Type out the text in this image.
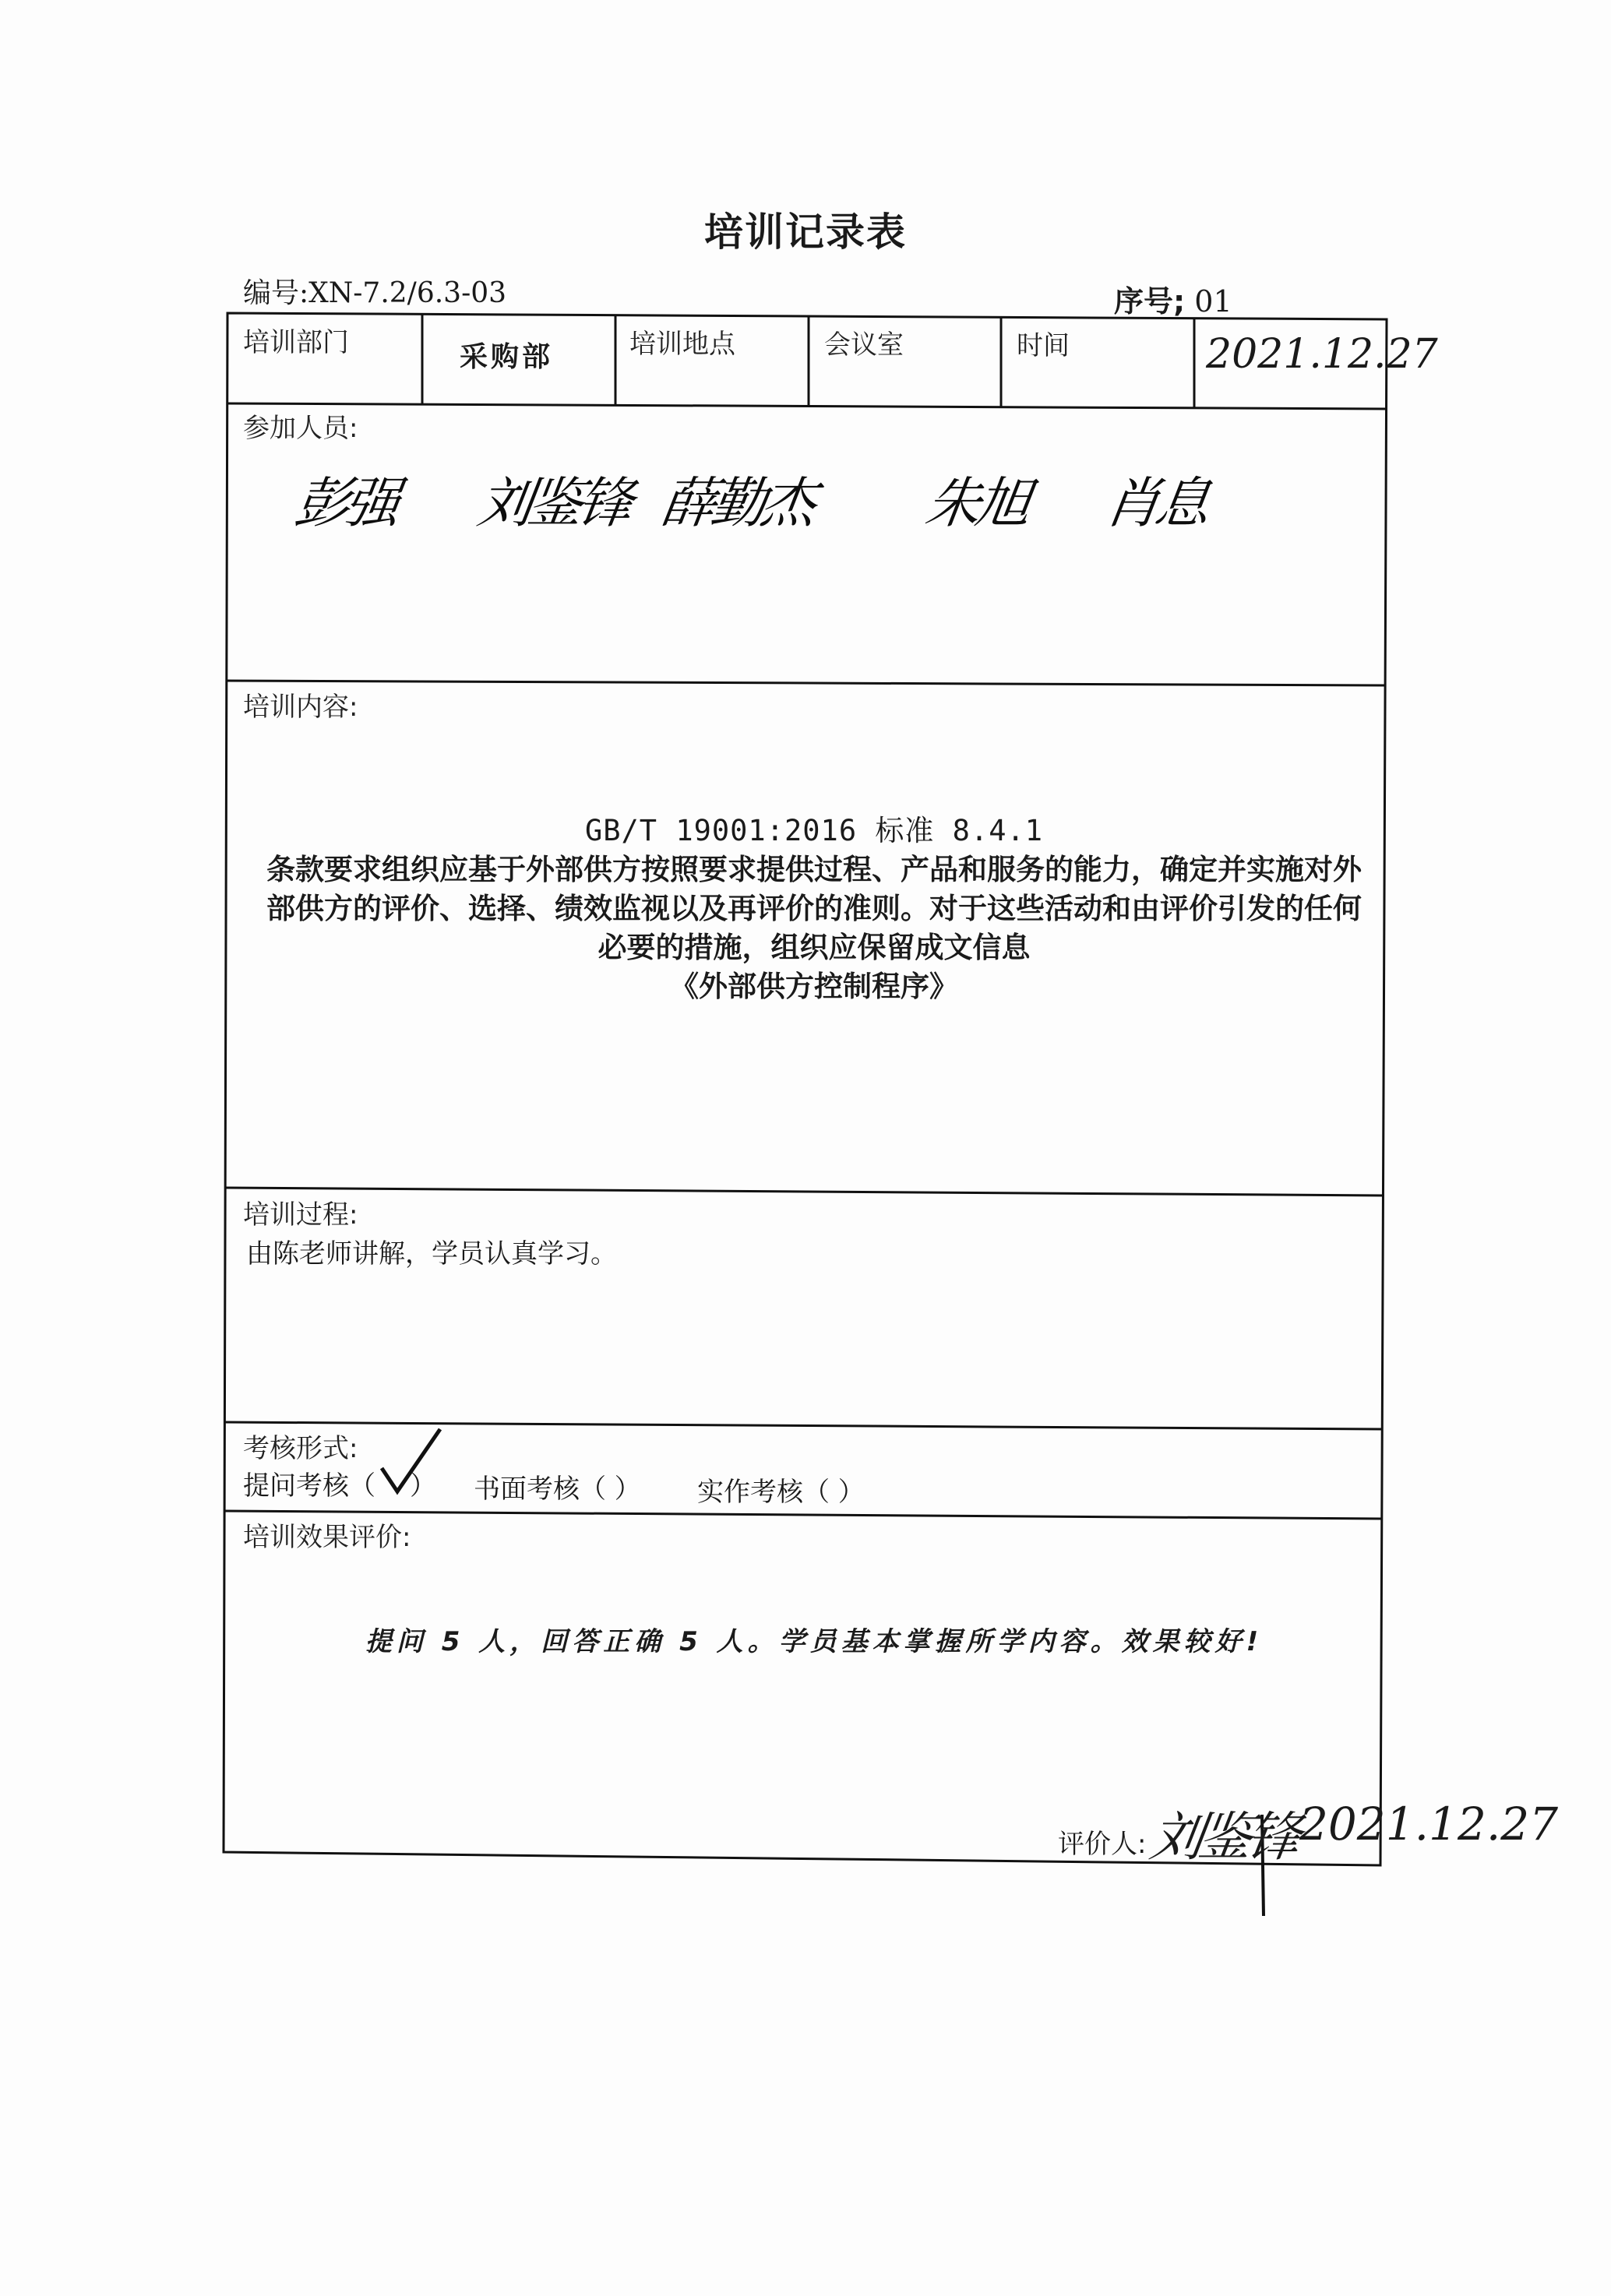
培训记录表
编号:XN-7.2/6.3-03	序号; 01
培训部门	采购部	培训地点	会议室	时间	2021.12.27
参加人员:
彭强 刘鉴锋 薛勤杰 朱旭 肖息
培训内容:
GB/T 19001:2016 标准 8.4.1
条款要求组织应基于外部供方按照要求提供过程、产品和服务的能力，确定并实施对外
部供方的评价、选择、绩效监视以及再评价的准则。对于这些活动和由评价引发的任何
必要的措施，组织应保留成文信息
《外部供方控制程序》
培训过程:
由陈老师讲解，学员认真学习。
考核形式:
提问考核（ ） 书面考核（ ） 实作考核（ ）
培训效果评价:
提问 5 人，回答正确 5 人。学员基本掌握所学内容。效果较好!
评价人: 刘鉴锋 2021.12.27
